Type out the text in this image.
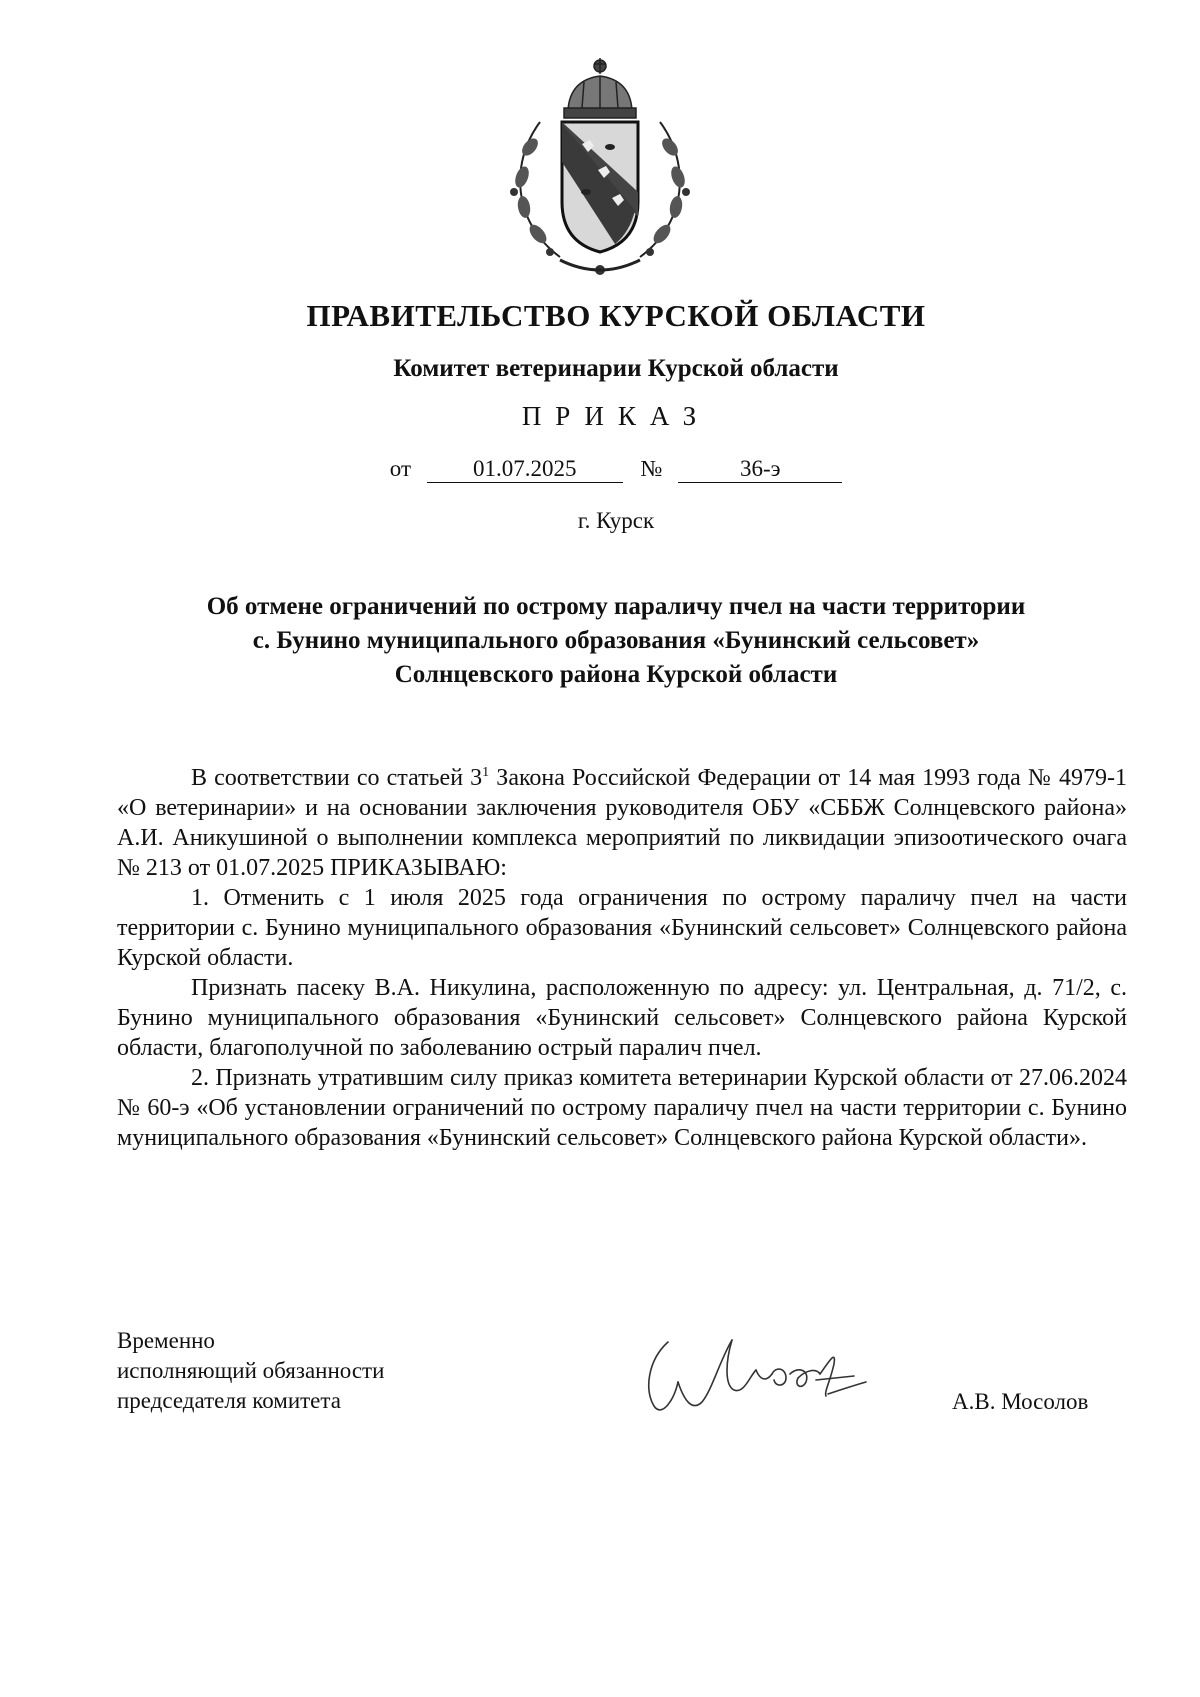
ПРАВИТЕЛЬСТВО КУРСКОЙ ОБЛАСТИ
Комитет ветеринарии Курской области
ПРИКАЗ
от	01.07.2025	№	36-э
г. Курск
Об отмене ограничений по острому параличу пчел на части территории
с. Бунино муниципального образования «Бунинский сельсовет»
Солнцевского района Курской области

В соответствии со статьей $3^1$ Закона Российской Федерации от 14 мая 1993 года № 4979-1 «О ветеринарии» и на основании заключения руководителя ОБУ «СББЖ Солнцевского района» А.И. Аникушиной о выполнении комплекса мероприятий по ликвидации эпизоотического очага № 213 от 01.07.2025 ПРИКАЗЫВАЮ:

1. Отменить с 1 июля 2025 года ограничения по острому параличу пчел на части территории с. Бунино муниципального образования «Бунинский сельсовет» Солнцевского района Курской области.

Признать пасеку В.А. Никулина, расположенную по адресу: ул. Центральная, д. 71/2, с. Бунино муниципального образования «Бунинский сельсовет» Солнцевского района Курской области, благополучной по заболеванию острый паралич пчел.

2. Признать утратившим силу приказ комитета ветеринарии Курской области от 27.06.2024 № 60-э «Об установлении ограничений по острому параличу пчел на части территории с. Бунино муниципального образования «Бунинский сельсовет» Солнцевского района Курской области».

Временно
исполняющий обязанности
председателя комитета	А.В. Мосолов
